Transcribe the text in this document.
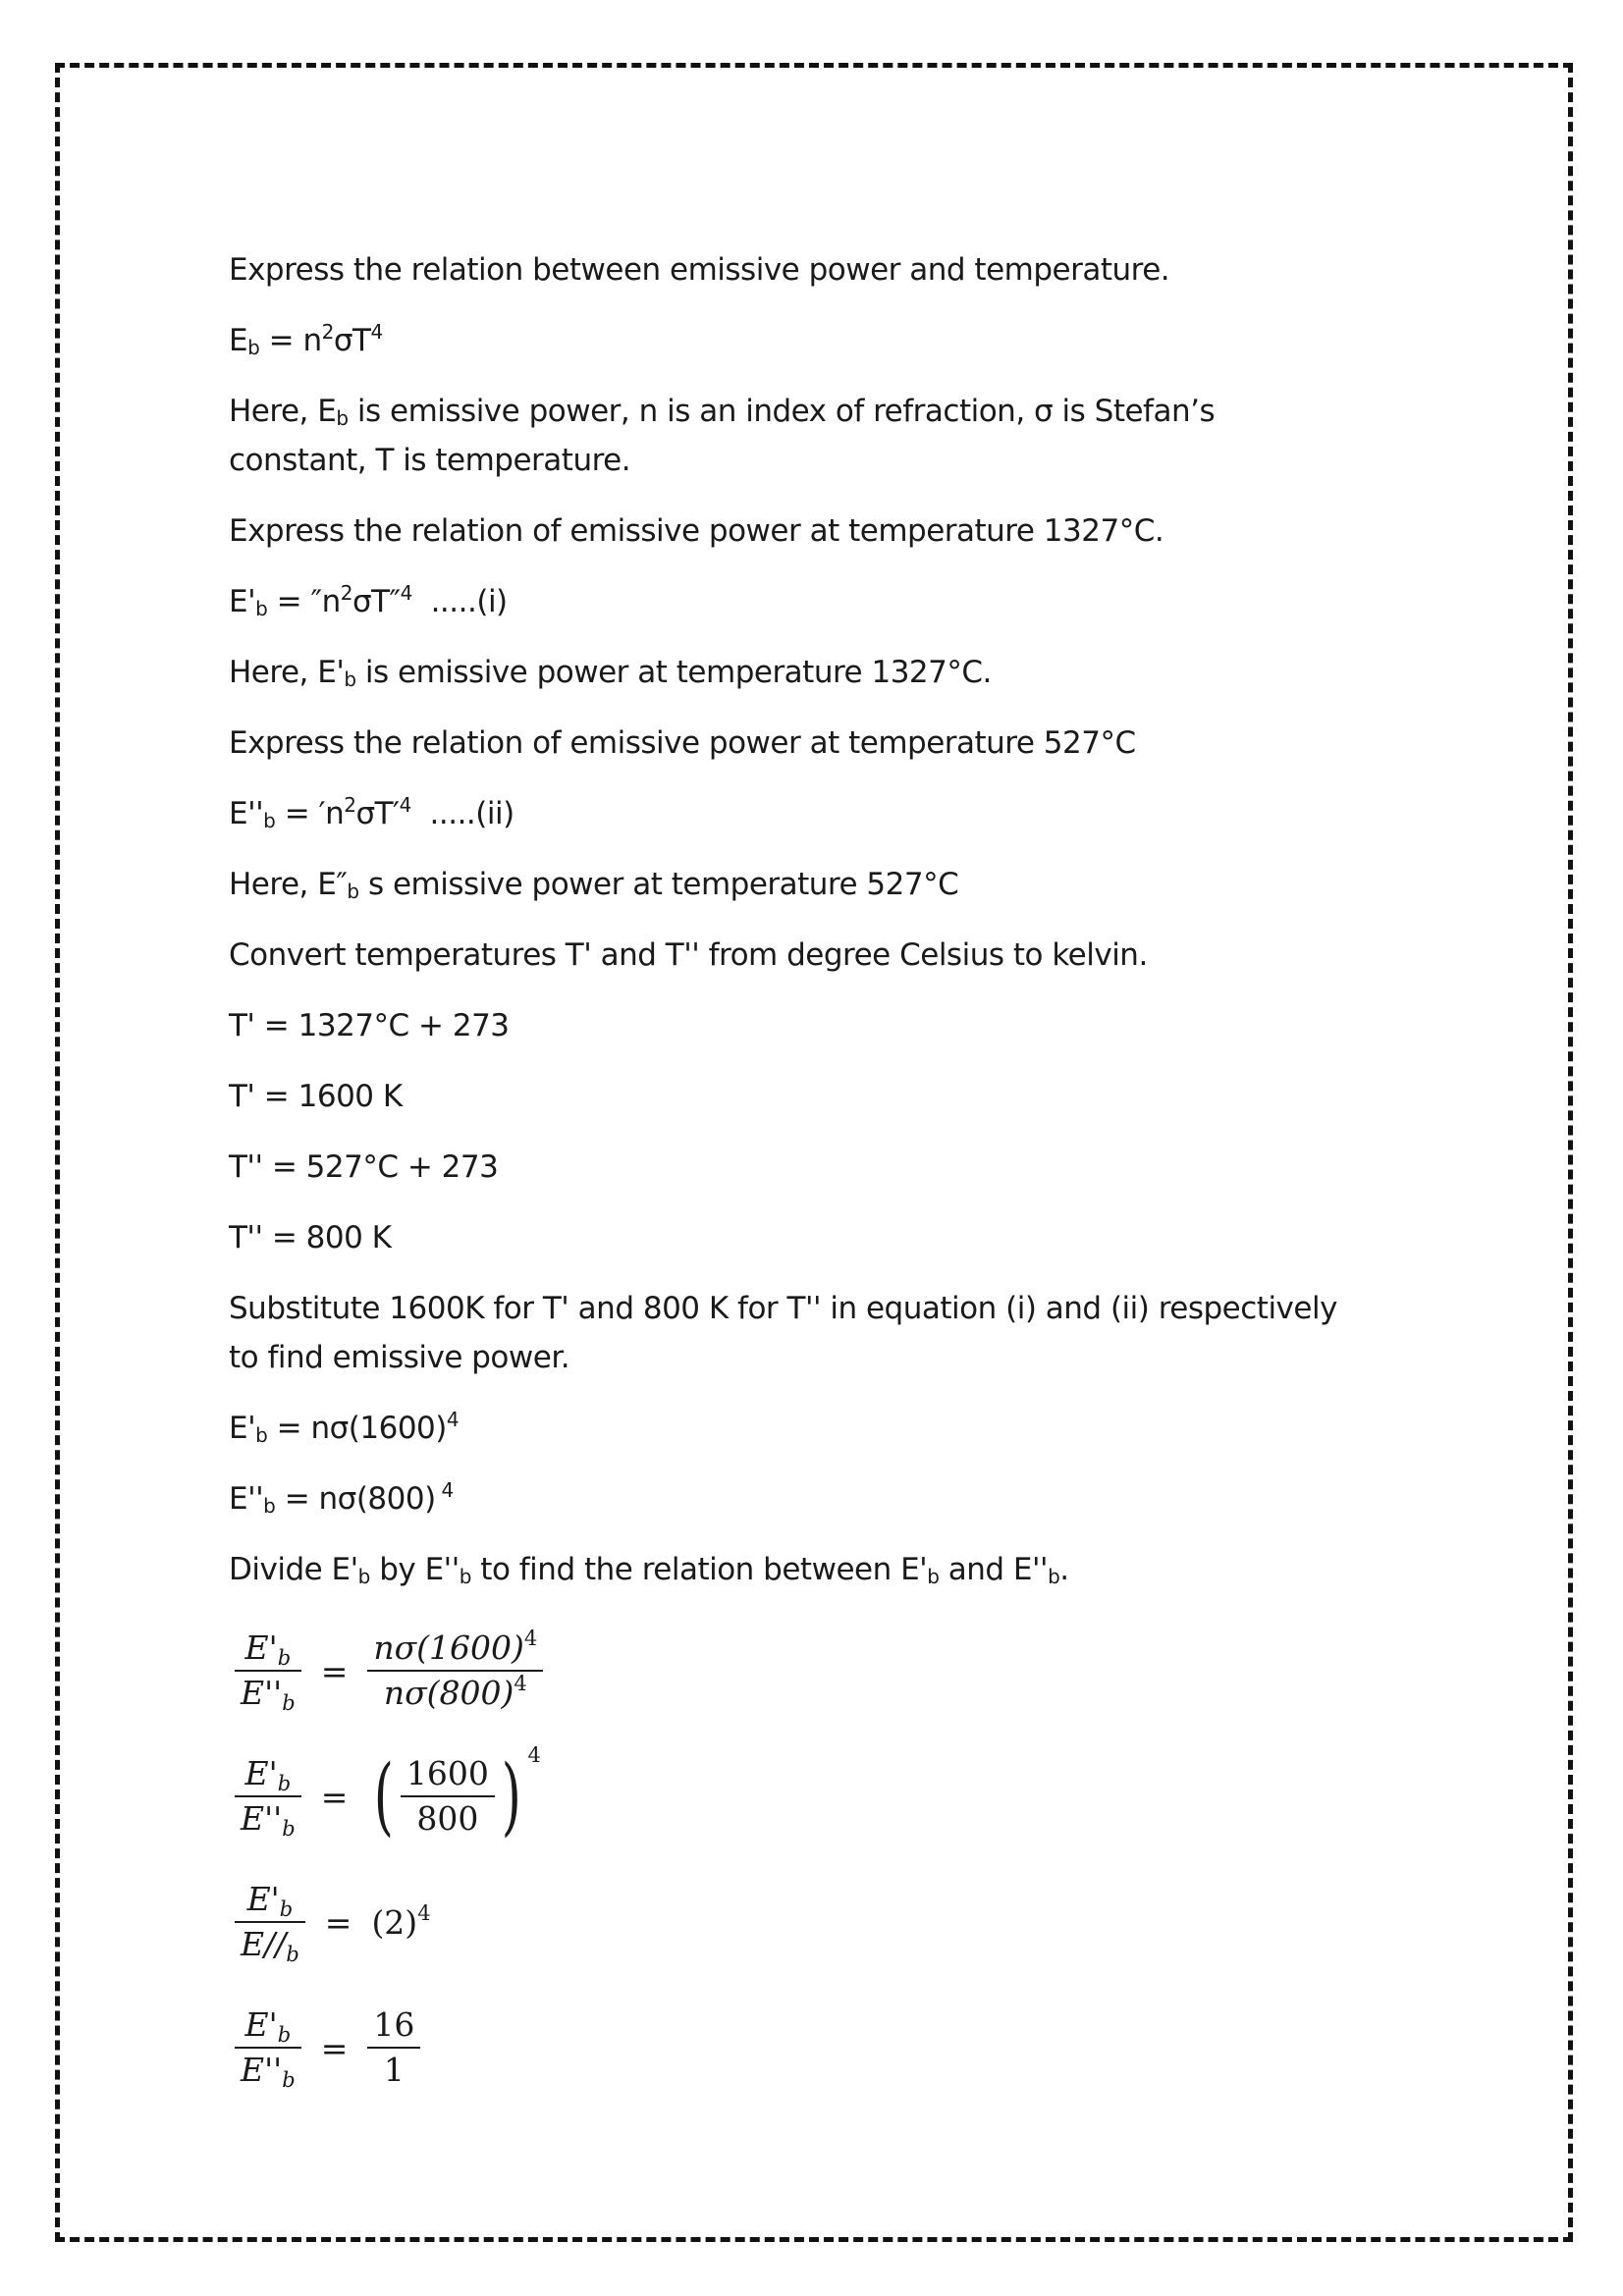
Express the relation between emissive power and temperature.
$E_b = n^2\sigma T^4$
Here, $E_b$ is emissive power, n is an index of refraction, σ is Stefan’s constant, T is temperature.
Express the relation of emissive power at temperature 1327°C.
$E'_b = ''n^2\sigma T''^4$  .....(i)
Here, $E'_b$ is emissive power at temperature 1327°C.
Express the relation of emissive power at temperature 527°C
$E''_b = 'n^2\sigma T'^4$  .....(ii)
Here, $E''_b$ s emissive power at temperature 527°C
Convert temperatures T' and T'' from degree Celsius to kelvin.
T' = 1327°C + 273
T' = 1600 K
T'' = 527°C + 273
T'' = 800 K
Substitute 1600K for T' and 800 K for T'' in equation (i) and (ii) respectively to find emissive power.
$E'_b = n\sigma(1600)^4$
$E''_b = n\sigma(800)$ $^4$
Divide $E'_b$ by $E''_b$ to find the relation between $E'_b$ and $E''_b$.
$\frac{E'_b}{E''_b} = \frac{n\sigma(1600)^4}{n\sigma(800)^4}$
$\frac{E'_b}{E''_b}$ = ( $\frac{1600}{800}$ ) 4
$\frac{E'_b}{E//_b} = (2)^4$
$\frac{E'_b}{E''_b} = \frac{16}{1}$
